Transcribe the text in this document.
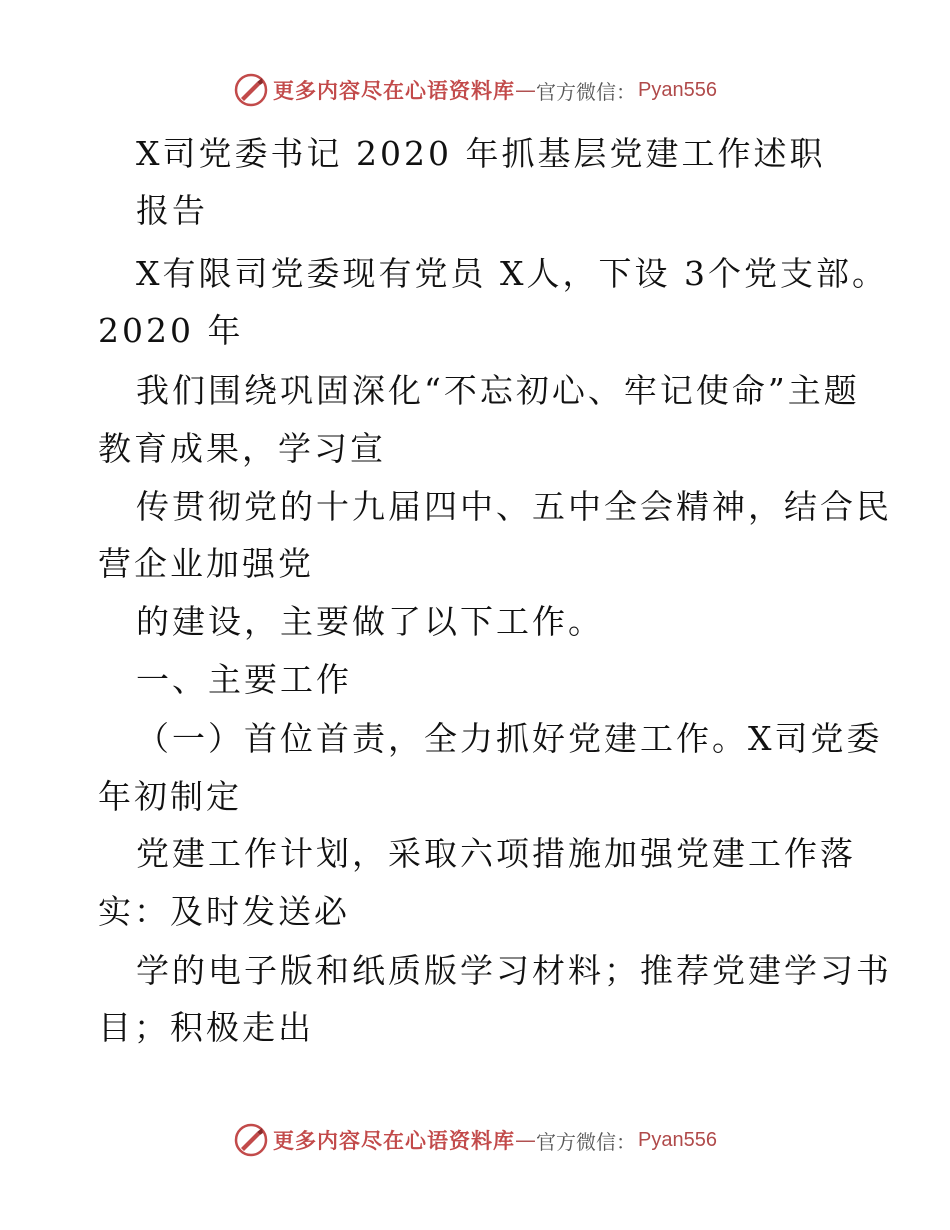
更多内容尽在心语资料库 — 官方微信： Pyan556
X司党委书记 2020 年抓基层党建工作述职
报告
X有限司党委现有党员 X人，下设 3个党支部。
2020 年
我们围绕巩固深化“不忘初心、牢记使命”主题
教育成果，学习宣
传贯彻党的十九届四中、五中全会精神，结合民
营企业加强党
的建设，主要做了以下工作。
一、主要工作
（一）首位首责，全力抓好党建工作。X司党委
年初制定
党建工作计划，采取六项措施加强党建工作落
实：及时发送必
学的电子版和纸质版学习材料；推荐党建学习书
目；积极走出
更多内容尽在心语资料库 — 官方微信： Pyan556
